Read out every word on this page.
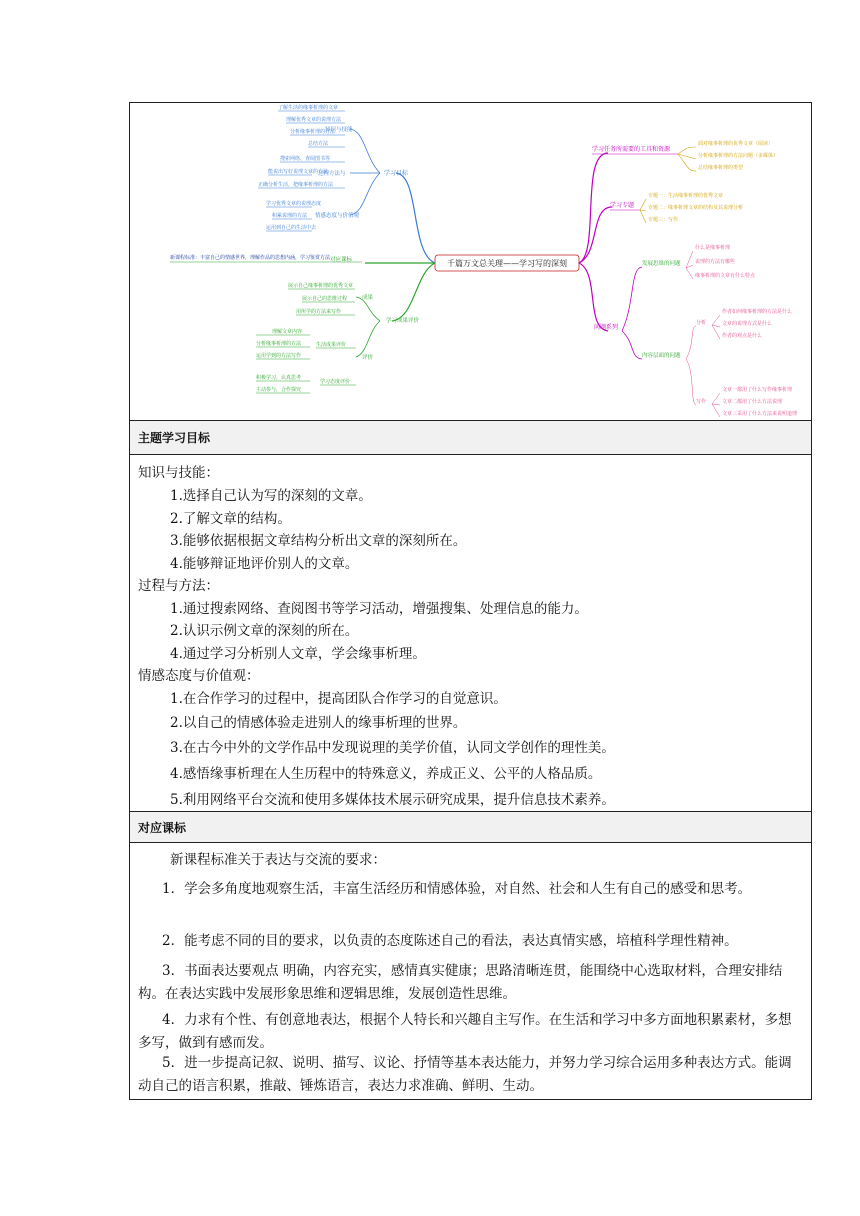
千篇万文总关理——学习写的深刻
学习目标
知识与技能
过程方法与
情感态度与价值观
了解生活的缘事析理的文章
理解优秀文章的说理方法
分析缘事析理的方法
总结方法
搜索网络、查阅图书等
能说出写好说理文章的方法
正确分析生活，把缘事析理的方法
学习优秀文章的说理态度
积累说理的方法
运用到自己的生活中去
对应课标
新课程标准：丰富自己的情感世界，理解作品的思想内涵，学习鉴赏方法
学习成果评价
成果
评价
展示自己缘事析理的优秀文章
展示自己的思维过程
用所学的方法来写作
生活成果评价
学习态度评价
理解文章内容
分析缘事析理的方法
运用学到的方法写作
积极学习，认真思考
主动参与，合作探究
学习任务所需要的工具和资源
面对缘事析理的优秀文章（阅读）
分析缘事析理的方法问题（多媒体）
总结缘事析理的类型
学习专题
专题一：生活缘事析理的优秀文章
专题二：缘事析理文章的结构及其说理分析
专题三：写作
问题系列
发展思维的问题
内容层面的问题
什么是缘事析理
说理的方法有哪些
缘事析理的文章有什么特点
分析
写作
作者如何缘事析理的方法是什么
文章的说理方式是什么
作者的观点是什么
文章一都用了什么写作缘事析理
文章二都用了什么方法说理
文章三采用了什么方法来说明道理
主题学习目标
知识与技能：
1.选择自己认为写的深刻的文章。
2.了解文章的结构。
3.能够依据根据文章结构分析出文章的深刻所在。
4.能够辩证地评价别人的文章。
过程与方法：
1.通过搜索网络、查阅图书等学习活动，增强搜集、处理信息的能力。
2.认识示例文章的深刻的所在。
4.通过学习分析别人文章，学会缘事析理。
情感态度与价值观：
1.在合作学习的过程中，提高团队合作学习的自觉意识。
2.以自己的情感体验走进别人的缘事析理的世界。
3.在古今中外的文学作品中发现说理的美学价值，认同文学创作的理性美。
4.感悟缘事析理在人生历程中的特殊意义，养成正义、公平的人格品质。
5.利用网络平台交流和使用多媒体技术展示研究成果，提升信息技术素养。
对应课标
新课程标准关于表达与交流的要求：
1．学会多角度地观察生活，丰富生活经历和情感体验，对自然、社会和人生有自己的感受和思考。
2．能考虑不同的目的要求，以负责的态度陈述自己的看法，表达真情实感，培植科学理性精神。
3．书面表达要观点 明确，内容充实，感情真实健康；思路清晰连贯，能围绕中心选取材料，合理安排结构。在表达实践中发展形象思维和逻辑思维，发展创造性思维。
4．力求有个性、有创意地表达，根据个人特长和兴趣自主写作。在生活和学习中多方面地积累素材，多想多写，做到有感而发。
5．进一步提高记叙、说明、描写、议论、抒情等基本表达能力，并努力学习综合运用多种表达方式。能调动自己的语言积累，推敲、锤炼语言，表达力求准确、鲜明、生动。
